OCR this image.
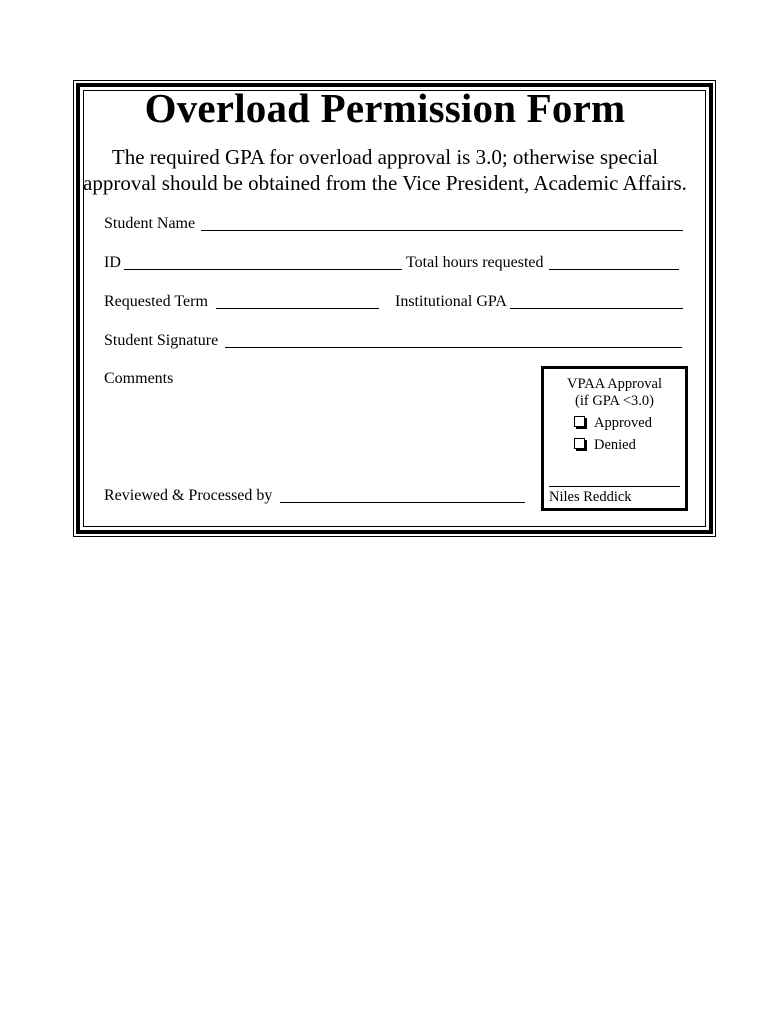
Overload Permission Form
The required GPA for overload approval is 3.0; otherwise special
approval should be obtained from the Vice President, Academic Affairs.
Student Name
ID	Total hours requested
Requested Term	Institutional GPA
Student Signature
Comments
Reviewed & Processed by
VPAA Approval
(if GPA <3.0)
Approved
Denied
Niles Reddick
